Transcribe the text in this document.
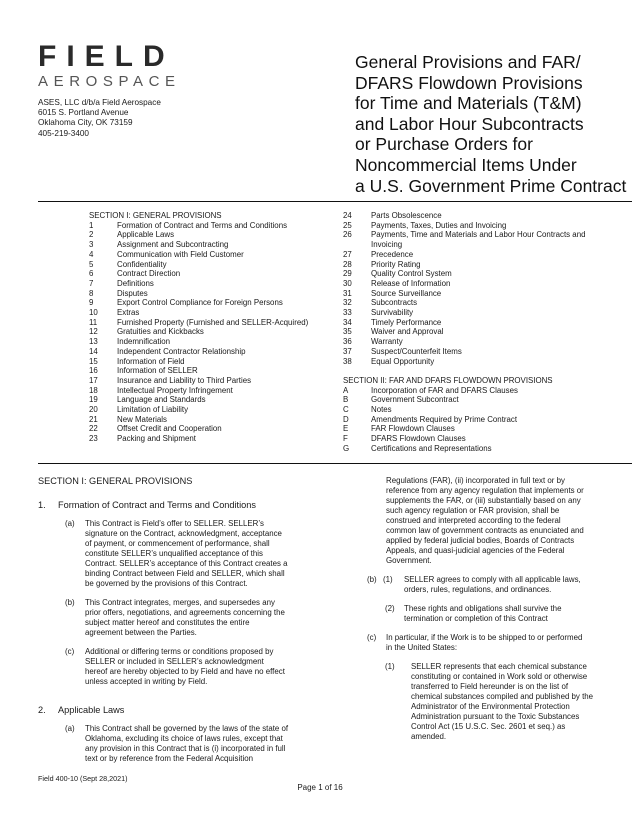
FIELD
AEROSPACE
ASES, LLC d/b/a Field Aerospace
6015 S. Portland Avenue
Oklahoma City, OK 73159
405-219-3400
General Provisions and FAR/
DFARS Flowdown Provisions
for Time and Materials (T&M)
and Labor Hour Subcontracts
or Purchase Orders for
Noncommercial Items Under
a U.S. Government Prime Contract
SECTION I: GENERAL PROVISIONS
1	Formation of Contract and Terms and Conditions
2	Applicable Laws
3	Assignment and Subcontracting
4	Communication with Field Customer
5	Confidentiality
6	Contract Direction
7	Definitions
8	Disputes
9	Export Control Compliance for Foreign Persons
10	Extras
11	Furnished Property (Furnished and SELLER-Acquired)
12	Gratuities and Kickbacks
13	Indemnification
14	Independent Contractor Relationship
15	Information of Field
16	Information of SELLER
17	Insurance and Liability to Third Parties
18	Intellectual Property Infringement
19	Language and Standards
20	Limitation of Liability
21	New Materials
22	Offset Credit and Cooperation
23	Packing and Shipment
24	Parts Obsolescence
25	Payments, Taxes, Duties and Invoicing
26	Payments, Time and Materials and Labor Hour Contracts and Invoicing
27	Precedence
28	Priority Rating
29	Quality Control System
30	Release of Information
31	Source Surveillance
32	Subcontracts
33	Survivability
34	Timely Performance
35	Waiver and Approval
36	Warranty
37	Suspect/Counterfeit Items
38	Equal Opportunity
SECTION II: FAR AND DFARS FLOWDOWN PROVISIONS
A	Incorporation of FAR and DFARS Clauses
B	Government Subcontract
C	Notes
D	Amendments Required by Prime Contract
E	FAR Flowdown Clauses
F	DFARS Flowdown Clauses
G	Certifications and Representations
SECTION I: GENERAL PROVISIONS
1.	Formation of Contract and Terms and Conditions
(a)	This Contract is Field’s offer to SELLER. SELLER’s
signature on the Contract, acknowledgment, acceptance
of payment, or commencement of performance, shall
constitute SELLER’s unqualified acceptance of this
Contract. SELLER’s acceptance of this Contract creates a
binding Contract between Field and SELLER, which shall
be governed by the provisions of this Contract.
(b)	This Contract integrates, merges, and supersedes any
prior offers, negotiations, and agreements concerning the
subject matter hereof and constitutes the entire
agreement between the Parties.
(c)	Additional or differing terms or conditions proposed by
SELLER or included in SELLER’s acknowledgment
hereof are hereby objected to by Field and have no effect
unless accepted in writing by Field.
2.	Applicable Laws
(a)	This Contract shall be governed by the laws of the state of
Oklahoma, excluding its choice of laws rules, except that
any provision in this Contract that is (i) incorporated in full
text or by reference from the Federal Acquisition
Regulations (FAR), (ii) incorporated in full text or by
reference from any agency regulation that implements or
supplements the FAR, or (iii) substantially based on any
such agency regulation or FAR provision, shall be
construed and interpreted according to the federal
common law of government contracts as enunciated and
applied by federal judicial bodies, Boards of Contracts
Appeals, and quasi-judicial agencies of the Federal
Government.
(b) (1)	SELLER agrees to comply with all applicable laws,
orders, rules, regulations, and ordinances.
(2)	These rights and obligations shall survive the
termination or completion of this Contract
(c)	In particular, if the Work is to be shipped to or performed
in the United States:
(1)	SELLER represents that each chemical substance
constituting or contained in Work sold or otherwise
transferred to Field hereunder is on the list of
chemical substances compiled and published by the
Administrator of the Environmental Protection
Administration pursuant to the Toxic Substances
Control Act (15 U.S.C. Sec. 2601 et seq.) as
amended.
Field 400-10 (Sept 28,2021)
Page 1 of 16
